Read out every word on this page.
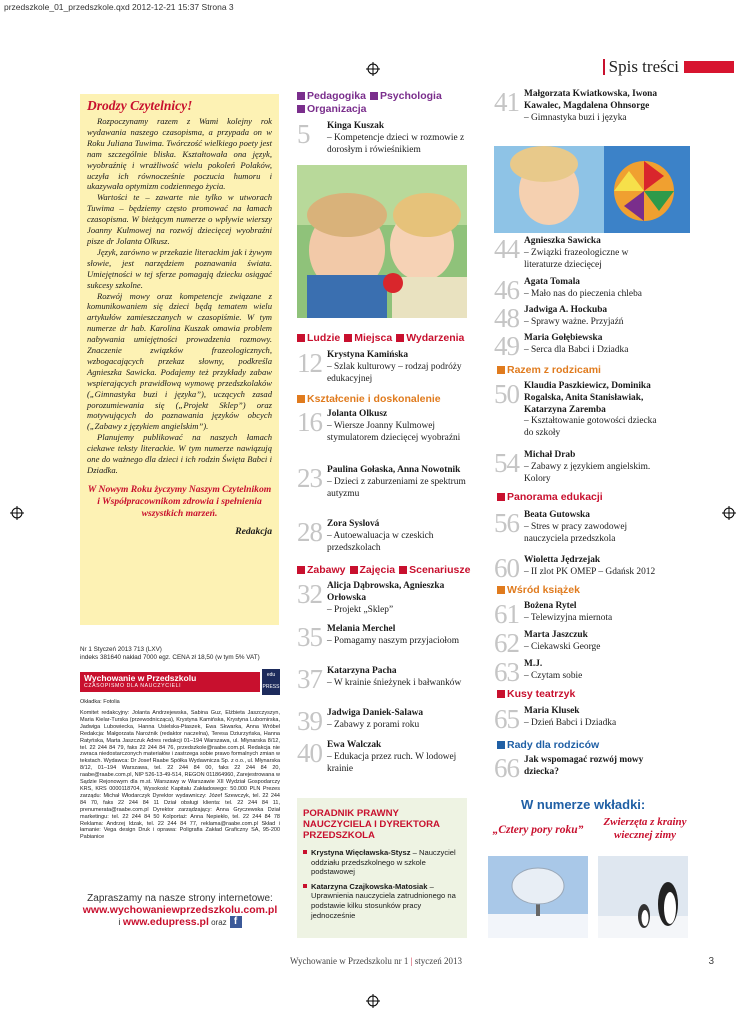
przedszkole_01_przedszkole.qxd 2012-12-21 15:37 Strona 3
Spis treści
Drodzy Czytelnicy!

Rozpoczynamy razem z Wami kolejny rok wydawania naszego czasopisma, a przypada on w Roku Juliana Tuwima. Twórczość wielkiego poety jest nam szczególnie bliska. Kształtowała ona język, wyobraźnię i wrażliwość wielu pokoleń Polaków, uczyła ich równocześnie poczucia humoru i ukazywała optymizm codziennego życia.

Wartości te – zawarte nie tylko w utworach Tuwima – będziemy często promować na łamach czasopisma. W bieżącym numerze o wpływie wierszy Joanny Kulmowej na rozwój dziecięcej wyobraźni pisze dr Jolanta Olkusz.

Język, zarówno w przekazie literackim jak i żywym słowie, jest narzędziem poznawania świata. Umiejętności w tej sferze pomagają dziecku osiągać sukcesy szkolne.

Rozwój mowy oraz kompetencje związane z komunikowaniem się dzieci będą tematem wielu artykułów zamieszczanych w czasopiśmie. W tym numerze dr hab. Karolina Kuszak omawia problem nabywania umiejętności prowadzenia rozmowy. Znaczenie związków frazeologicznych, wzbogacających przekaz słowny, podkreśla Agnieszka Sawicka. Podajemy też przykłady zabaw wspierających prawidłową wymowę przedszkolaków („Gimnastyka buzi i języka”), uczących zasad porozumiewania się („Projekt Sklep”) oraz motywujących do poznawania języków obcych („Zabawy z językiem angielskim”).

Planujemy publikować na naszych łamach ciekawe teksty literackie. W tym numerze nawiązują one do ważnego dla dzieci i ich rodzin Święta Babci i Dziadka.

W Nowym Roku życzymy Naszym Czytelnikom i Współpracownikom zdrowia i spełnienia wszystkich marzeń.
Redakcja
Nr 1 Styczeń 2013 713 (LXV)
indeks 381640 nakład 7000 egz. CENA zł 18,50 (w tym 5% VAT)
Wychowanie w Przedszkolu
CZASOPISMO DLA NAUCZYCIELI
edu PRESS
Okładka: Fotolia
Komitet redakcyjny: Jolanta Andrzejewska, Sabina Guz, Elżbieta Jaszczyszyn, Maria Kielar-Turska (przewodnicząca), Krystyna Kamińska, Krystyna Lubomirska, Jadwiga Lubowiecka, Hanna Usielska-Ptaszek, Ewa Skwarka, Anna Wróbel Redakcja: Małgorzata Narożnik (redaktor naczelna), Teresa Dziurzyńska, Hanna Ratyńska, Marta Jaszczuk Adres redakcji 01–194 Warszawa, ul. Młynarska 8/12, tel. 22 244 84 79, faks 22 244 84 76, przedszkole@raabe.com.pl. Redakcja nie zwraca niedostarczonych materiałów i zastrzega sobie prawo formalnych zmian w tekstach. Wydawca: Dr Josef Raabe Spółka Wydawnicza Sp. z o.o., ul. Młynarska 8/12, 01–194 Warszawa, tel. 22 244 84 00, faks 22 244 84 20, raabe@raabe.com.pl, NIP 526-13-49-514, REGON 011864960, Zarejestrowana w Sądzie Rejonowym dla m.st. Warszawy w Warszawie XII Wydział Gospodarczy KRS, KRS 0000118704, Wysokość Kapitału Zakładowego: 50.000 PLN Prezes zarządu: Michał Włodarczyk Dyrektor wydawniczy: Józef Szewczyk, tel. 22 244 84 70, faks 22 244 84 11 Dział obsługi klienta: tel. 22 244 84 11, prenumerata@raabe.com.pl Dyrektor zarządzający: Anna Gryczewska Dział marketingu: tel. 22 244 84 50 Kolportaż: Anna Nepiekło, tel. 22 244 84 78 Reklama: Andrzej Idzak, tel. 22 244 84 77, reklama@raabe.com.pl Skład i łamanie: Vega design Druk i oprawa: Poligrafia Zakład Graficzny SA, 95-200 Pabianice
Zapraszamy na nasze strony internetowe:
www.wychowaniewprzedszkolu.com.pl
i www.edupress.pl oraz f
Pedagogika Psychologia
Organizacja
Ludzie Miejsca Wydarzenia
Kształcenie i doskonalenie
Zabawy Zajęcia Scenariusze
5 Kinga Kuszak
– Kompetencje dzieci w rozmowie z dorosłym i rówieśnikiem
12 Krystyna Kamińska
– Szlak kulturowy – rodzaj podróży edukacyjnej
16 Jolanta Olkusz
– Wiersze Joanny Kulmowej stymulatorem dziecięcej wyobraźni
23 Paulina Gołaska, Anna Nowotnik
– Dzieci z zaburzeniami ze spektrum autyzmu
28 Zora Syslová
– Autoewaluacja w czeskich przedszkolach
32 Alicja Dąbrowska, Agnieszka Orłowska
– Projekt „Sklep”
35 Melania Merchel
– Pomagamy naszym przyjaciołom
37 Katarzyna Pacha
– W krainie śnieżynek i bałwanków
39 Jadwiga Daniek-Salawa
– Zabawy z porami roku
40 Ewa Walczak
– Edukacja przez ruch. W lodowej krainie
PORADNIK PRAWNY NAUCZYCIELA I DYREKTORA PRZEDSZKOLA
Krystyna Więcławska-Stysz – Nauczyciel oddziału przedszkolnego w szkole podstawowej
Katarzyna Czajkowska-Matosiak – Uprawnienia nauczyciela zatrudnionego na podstawie kilku stosunków pracy jednocześnie
Razem z rodzicami
Panorama edukacji
Wśród książek
Kusy teatrzyk
Rady dla rodziców
41 Małgorzata Kwiatkowska, Iwona Kawalec, Magdalena Ohnsorge
– Gimnastyka buzi i języka
44 Agnieszka Sawicka
– Związki frazeologiczne w literaturze dziecięcej
46 Agata Tomala
– Mało nas do pieczenia chleba
48 Jadwiga A. Hockuba
– Sprawy ważne. Przyjaźń
49 Maria Gołębiewska
– Serca dla Babci i Dziadka
50 Klaudia Paszkiewicz, Dominika Rogalska, Anita Stanisławiak, Katarzyna Zaremba
– Kształtowanie gotowości dziecka do szkoły
54 Michał Drab
– Zabawy z językiem angielskim. Kolory
56 Beata Gutowska
– Stres w pracy zawodowej nauczyciela przedszkola
60 Wioletta Jędrzejak
– II zlot PK OMEP – Gdańsk 2012
61 Bożena Rytel
– Telewizyjna miernota
62 Marta Jaszczuk
– Ciekawski George
63 M.J.
– Czytam sobie
65 Maria Klusek
– Dzień Babci i Dziadka
66 Jak wspomagać rozwój mowy dziecka?
W numerze wkładki:
„Cztery pory roku”
Zwierzęta z krainy wiecznej zimy
Wychowanie w Przedszkolu nr 1 | styczeń 2013	3
